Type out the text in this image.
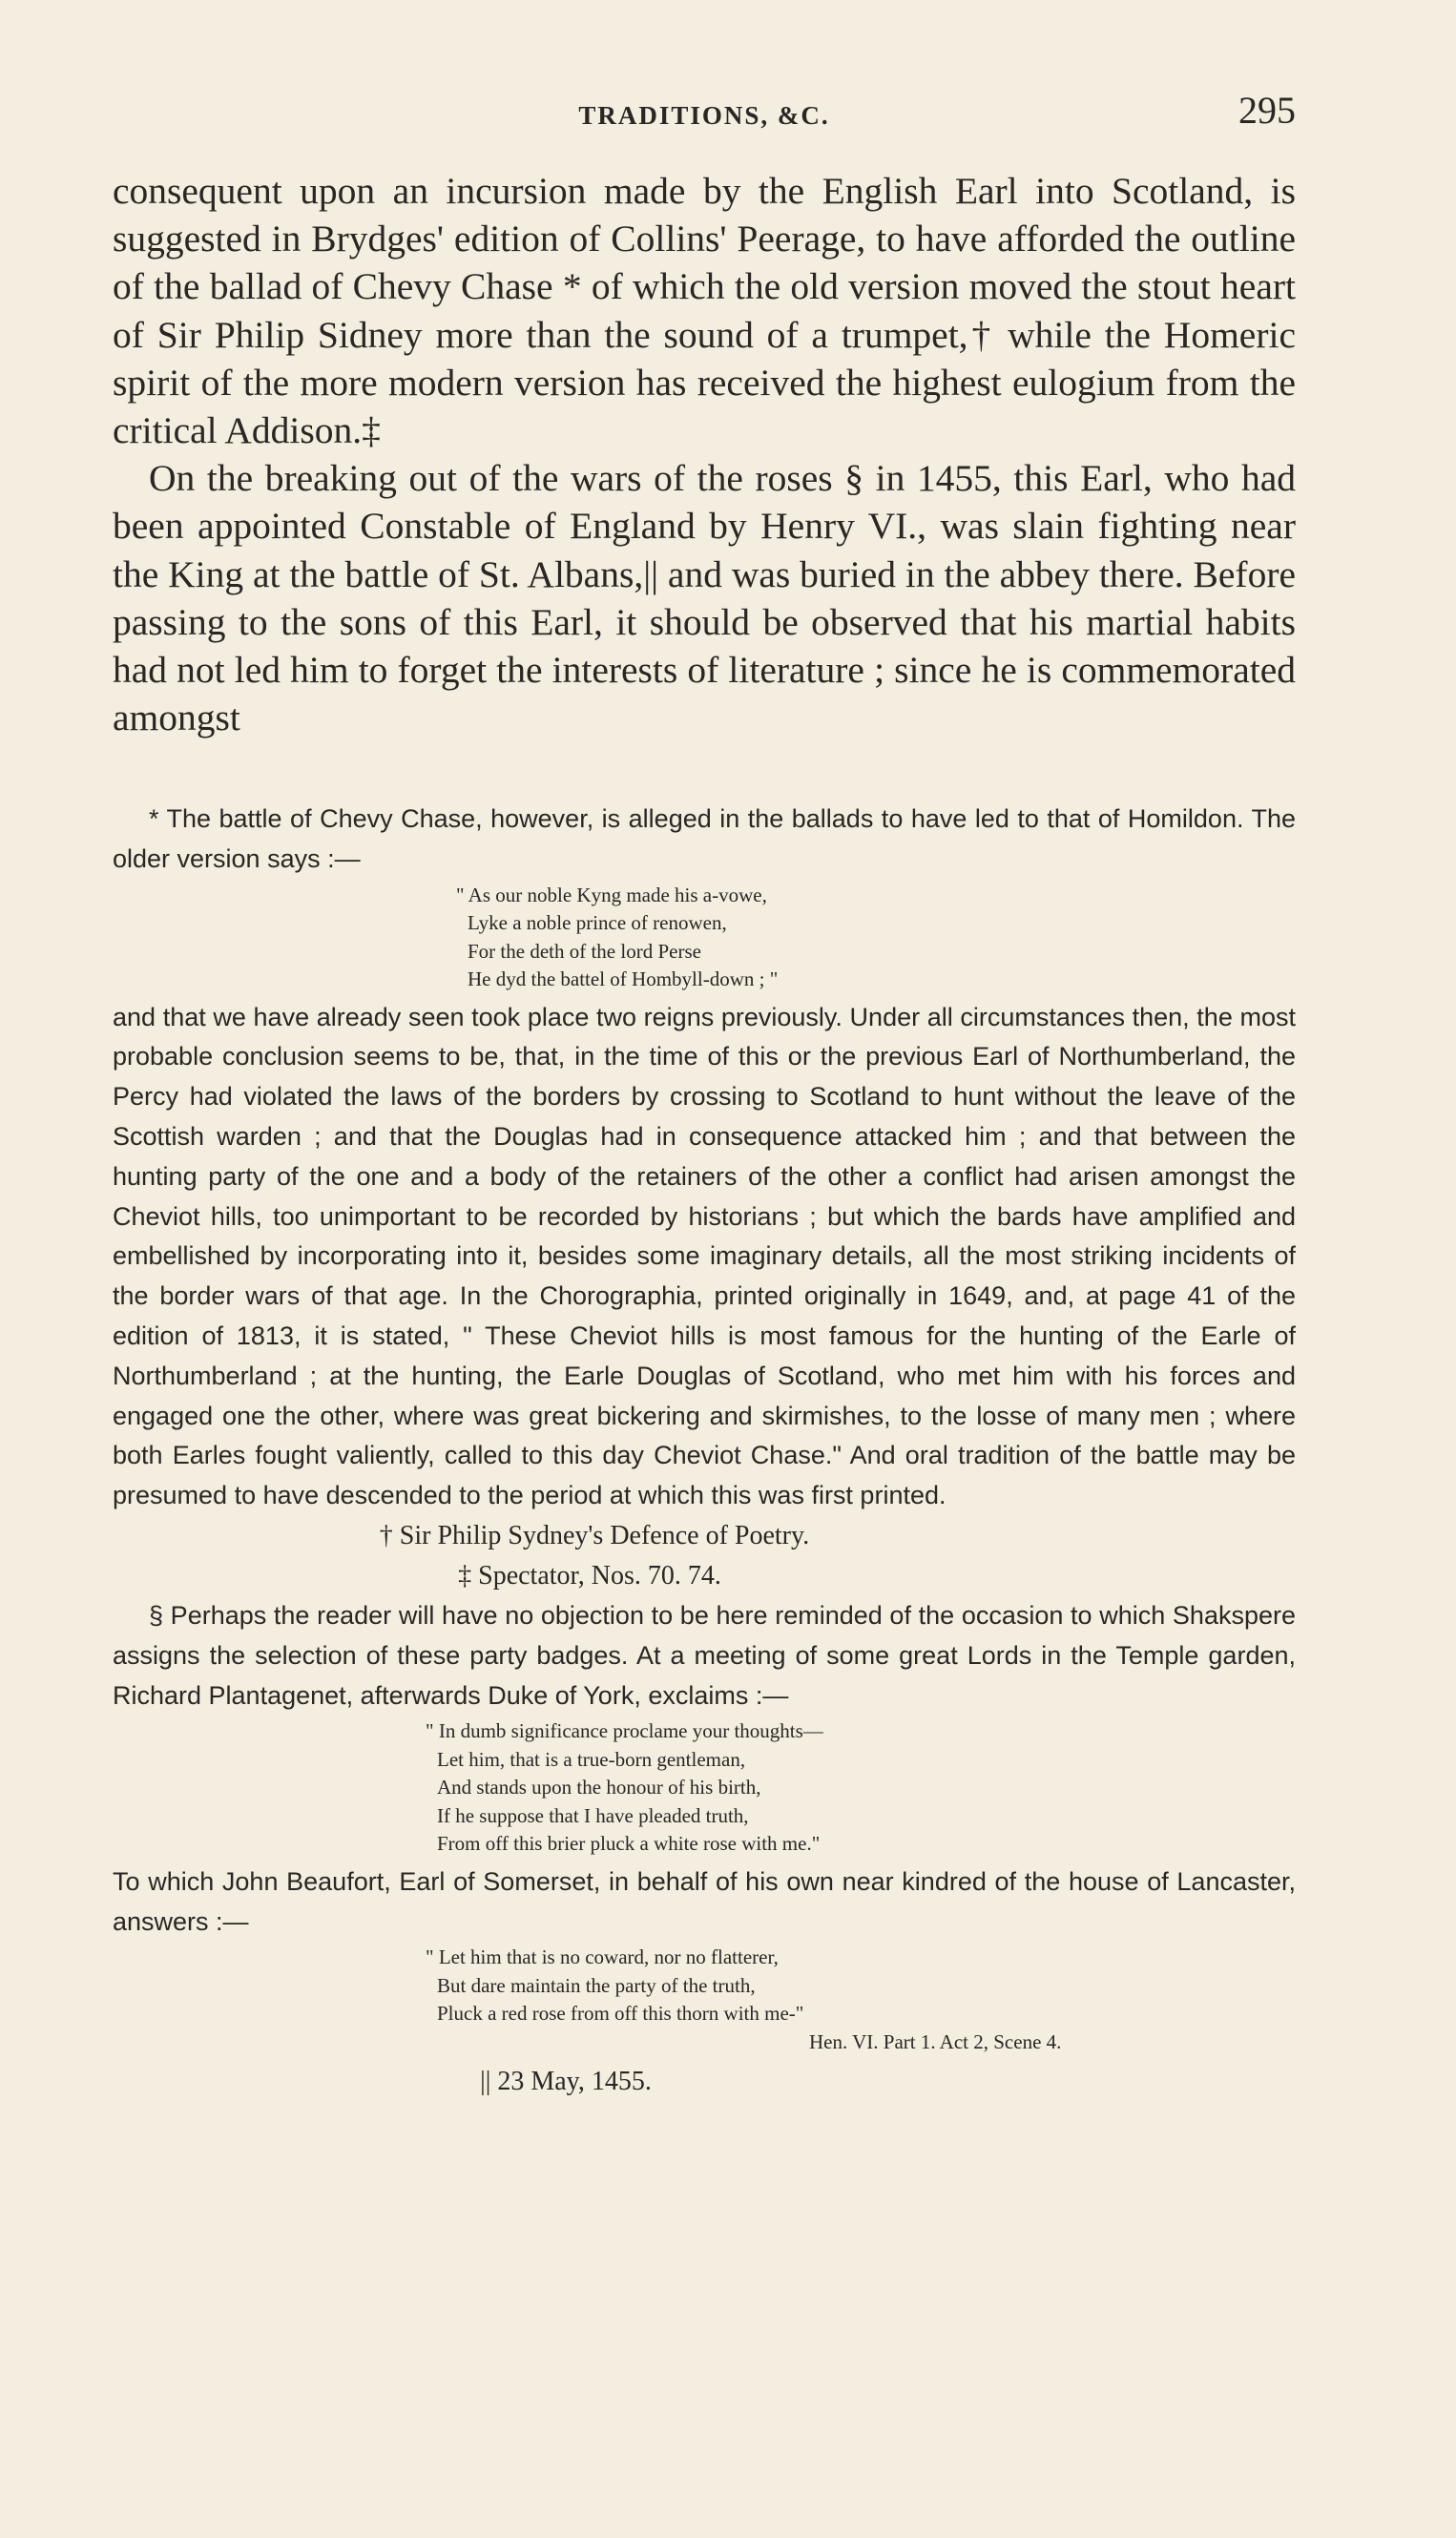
TRADITIONS, &C.	295

consequent upon an incursion made by the English Earl into Scotland, is suggested in Brydges' edition of Collins' Peerage, to have afforded the outline of the ballad of Chevy Chase * of which the old version moved the stout heart of Sir Philip Sidney more than the sound of a trumpet,† while the Homeric spirit of the more modern version has received the highest eulogium from the critical Addison.‡

On the breaking out of the wars of the roses § in 1455, this Earl, who had been appointed Constable of England by Henry VI., was slain fighting near the King at the battle of St. Albans,|| and was buried in the abbey there. Before passing to the sons of this Earl, it should be observed that his martial habits had not led him to forget the interests of literature ; since he is commemorated amongst

* The battle of Chevy Chase, however, is alleged in the ballads to have led to that of Homildon. The older version says :—

" As our noble Kyng made his a-vowe,
Lyke a noble prince of renowen,
For the deth of the lord Perse
He dyd the battel of Hombyll-down ; "

and that we have already seen took place two reigns previously. Under all circumstances then, the most probable conclusion seems to be, that, in the time of this or the previous Earl of Northumberland, the Percy had violated the laws of the borders by crossing to Scotland to hunt without the leave of the Scottish warden ; and that the Douglas had in consequence attacked him ; and that between the hunting party of the one and a body of the retainers of the other a conflict had arisen amongst the Cheviot hills, too unimportant to be recorded by historians ; but which the bards have amplified and embellished by incorporating into it, besides some imaginary details, all the most striking incidents of the border wars of that age. In the Chorographia, printed originally in 1649, and, at page 41 of the edition of 1813, it is stated, " These Cheviot hills is most famous for the hunting of the Earle of Northumberland ; at the hunting, the Earle Douglas of Scotland, who met him with his forces and engaged one the other, where was great bickering and skirmishes, to the losse of many men ; where both Earles fought valiently, called to this day Cheviot Chase." And oral tradition of the battle may be presumed to have descended to the period at which this was first printed.

† Sir Philip Sydney's Defence of Poetry.
‡ Spectator, Nos. 70. 74.

§ Perhaps the reader will have no objection to be here reminded of the occasion to which Shakspere assigns the selection of these party badges. At a meeting of some great Lords in the Temple garden, Richard Plantagenet, afterwards Duke of York, exclaims :—

" In dumb significance proclame your thoughts—
Let him, that is a true-born gentleman,
And stands upon the honour of his birth,
If he suppose that I have pleaded truth,
From off this brier pluck a white rose with me."

To which John Beaufort, Earl of Somerset, in behalf of his own near kindred of the house of Lancaster, answers :—

" Let him that is no coward, nor no flatterer,
But dare maintain the party of the truth,
Pluck a red rose from off this thorn with me-"
Hen. VI. Part 1. Act 2, Scene 4.
|| 23 May, 1455.
